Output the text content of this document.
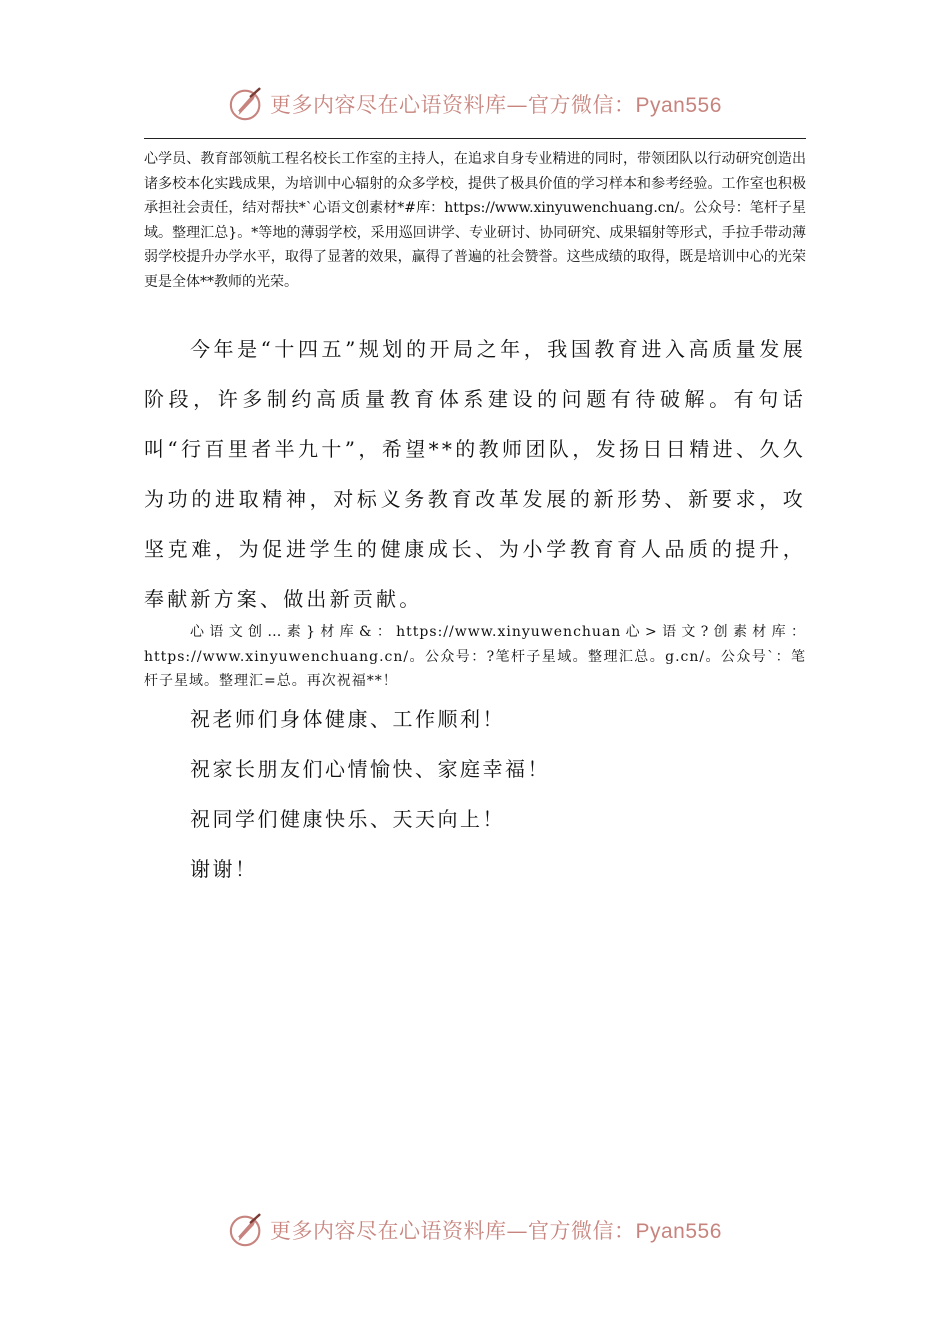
更多内容尽在心语资料库—官方微信：Pyan556
心学员、教育部领航工程名校长工作室的主持人，在追求自身专业精进的同时，带领团队以行动研究创造出诸多校本化实践成果，为培训中心辐射的众多学校，提供了极具价值的学习样本和参考经验。工作室也积极承担社会责任，结对帮扶*`心语文创素材*#库：https://www.xinyuwenchuang.cn/。公众号：笔杆子星域。整理汇总}。*等地的薄弱学校，采用巡回讲学、专业研讨、协同研究、成果辐射等形式，手拉手带动薄弱学校提升办学水平，取得了显著的效果，赢得了普遍的社会赞誉。这些成绩的取得，既是培训中心的光荣更是全体**教师的光荣。
今年是“十四五”规划的开局之年，我国教育进入高质量发展阶段，许多制约高质量教育体系建设的问题有待破解。有句话叫“行百里者半九十”，希望**的教师团队，发扬日日精进、久久为功的进取精神，对标义务教育改革发展的新形势、新要求，攻坚克难，为促进学生的健康成长、为小学教育育人品质的提升，奉献新方案、做出新贡献。
心语文创…素}材库&：https://www.xinyuwenchuan心>语文?创素材库：https://www.xinyuwenchuang.cn/。公众号：?笔杆子星域。整理汇总。g.cn/。公众号`：笔杆子星域。整理汇=总。再次祝福**！
祝老师们身体健康、工作顺利！
祝家长朋友们心情愉快、家庭幸福！
祝同学们健康快乐、天天向上！
谢谢！
更多内容尽在心语资料库—官方微信：Pyan556
